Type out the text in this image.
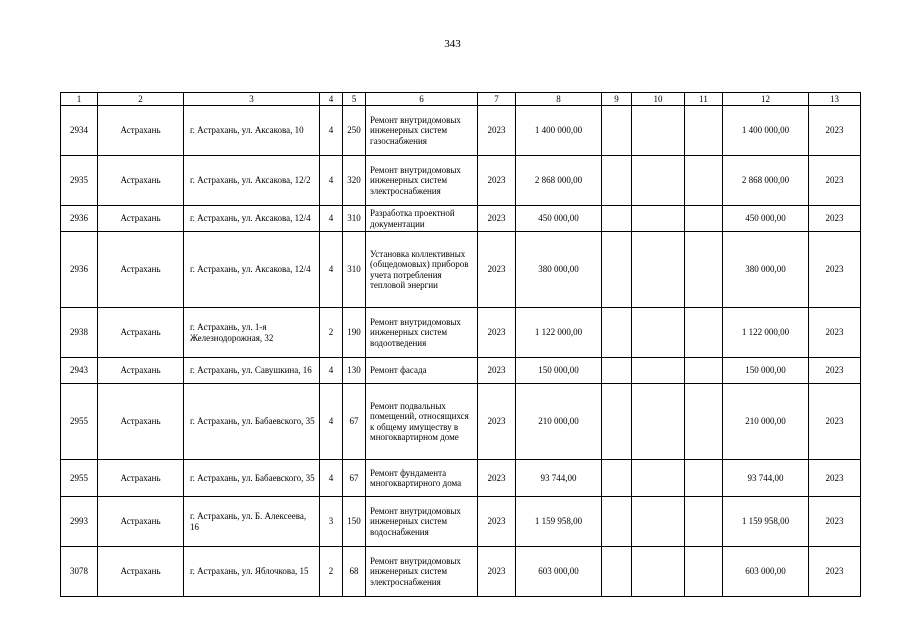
343
1	2	3	4	5	6	7	8	9	10	11	12	13
2934	Астрахань	г. Астрахань, ул. Аксакова, 10	4	250	Ремонт внутридомовых инженерных систем газоснабжения	2023	1 400 000,00				1 400 000,00	2023
2935	Астрахань	г. Астрахань, ул. Аксакова, 12/2	4	320	Ремонт внутридомовых инженерных систем электроснабжения	2023	2 868 000,00				2 868 000,00	2023
2936	Астрахань	г. Астрахань, ул. Аксакова, 12/4	4	310	Разработка проектной документации	2023	450 000,00				450 000,00	2023
2936	Астрахань	г. Астрахань, ул. Аксакова, 12/4	4	310	Установка коллективных (общедомовых) приборов учета потребления тепловой энергии	2023	380 000,00				380 000,00	2023
2938	Астрахань	г. Астрахань, ул. 1-я Железнодорожная, 32	2	190	Ремонт внутридомовых инженерных систем водоотведения	2023	1 122 000,00				1 122 000,00	2023
2943	Астрахань	г. Астрахань, ул. Савушкина, 16	4	130	Ремонт фасада	2023	150 000,00				150 000,00	2023
2955	Астрахань	г. Астрахань, ул. Бабаевского, 35	4	67	Ремонт подвальных помещений, относящихся к общему имуществу в многоквартирном доме	2023	210 000,00				210 000,00	2023
2955	Астрахань	г. Астрахань, ул. Бабаевского, 35	4	67	Ремонт фундамента многоквартирного дома	2023	93 744,00				93 744,00	2023
2993	Астрахань	г. Астрахань, ул. Б. Алексеева, 16	3	150	Ремонт внутридомовых инженерных систем водоснабжения	2023	1 159 958,00				1 159 958,00	2023
3078	Астрахань	г. Астрахань, ул. Яблочкова, 15	2	68	Ремонт внутридомовых инженерных систем электроснабжения	2023	603 000,00				603 000,00	2023
